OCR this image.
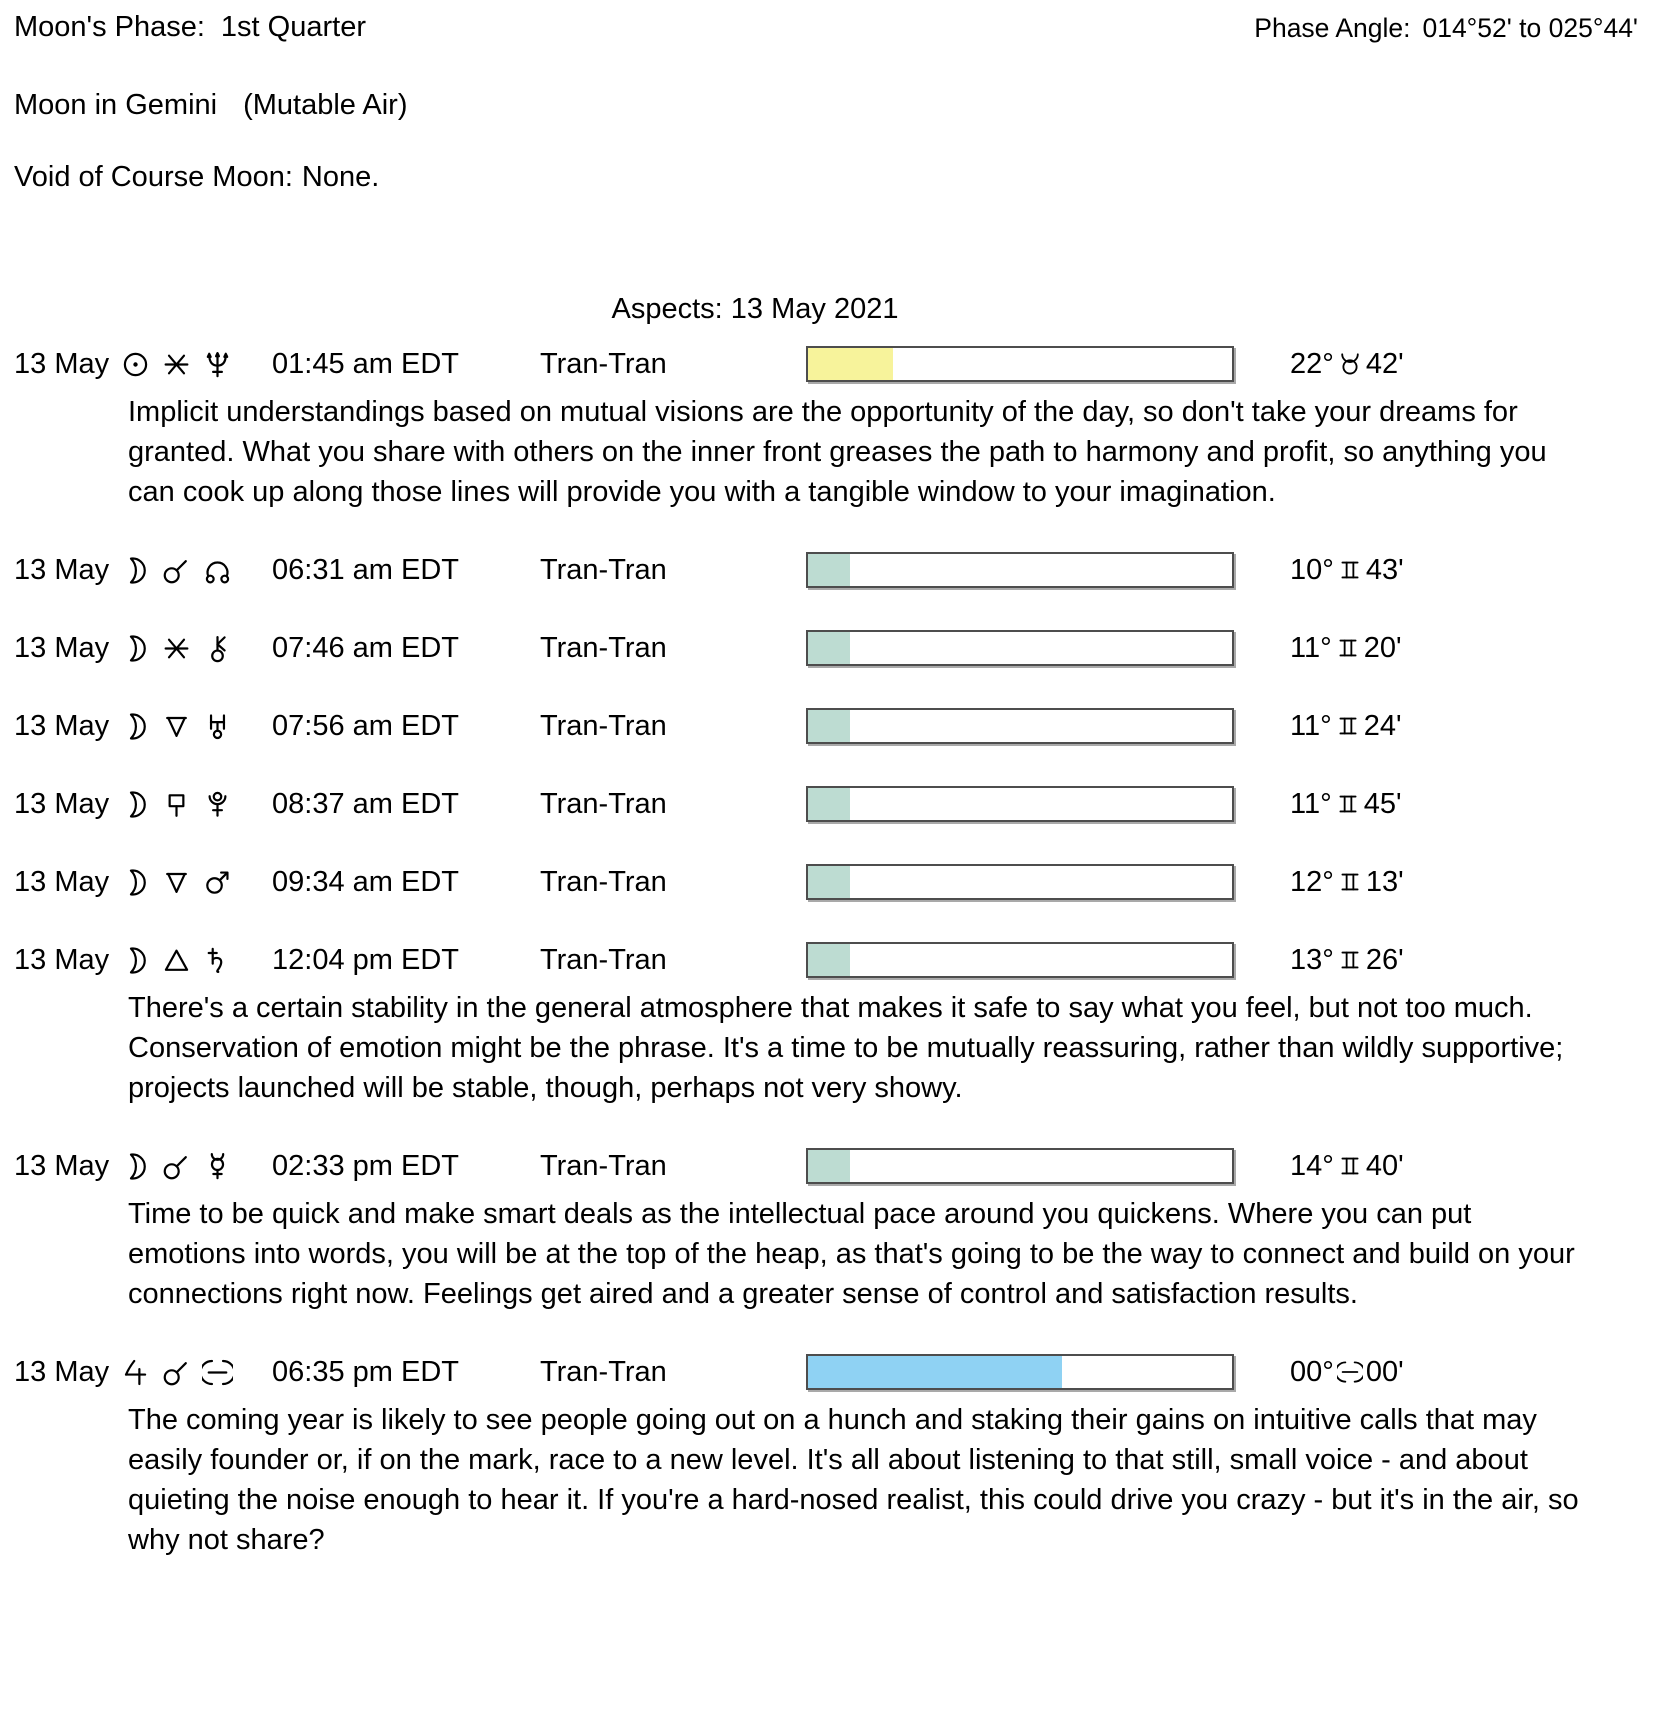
Moon's Phase: 1st Quarter	Phase Angle: 014°52' to 025°44'
Moon in Gemini (Mutable Air)
Void of Course Moon: None.
Aspects: 13 May 2021
13 May	01:45 am EDT	Tran-Tran	22° 42'

Implicit understandings based on mutual visions are the opportunity of the day, so don't take your dreams for granted. What you share with others on the inner front greases the path to harmony and profit, so anything you can cook up along those lines will provide you with a tangible window to your imagination.

13 May	06:31 am EDT	Tran-Tran	10° 43'
13 May	07:46 am EDT	Tran-Tran	11° 20'
13 May	07:56 am EDT	Tran-Tran	11° 24'
13 May	08:37 am EDT	Tran-Tran	11° 45'
13 May	09:34 am EDT	Tran-Tran	12° 13'
13 May	12:04 pm EDT	Tran-Tran	13° 26'

There's a certain stability in the general atmosphere that makes it safe to say what you feel, but not too much. Conservation of emotion might be the phrase. It's a time to be mutually reassuring, rather than wildly supportive; projects launched will be stable, though, perhaps not very showy.

13 May	02:33 pm EDT	Tran-Tran	14° 40'

Time to be quick and make smart deals as the intellectual pace around you quickens. Where you can put emotions into words, you will be at the top of the heap, as that's going to be the way to connect and build on your connections right now. Feelings get aired and a greater sense of control and satisfaction results.

13 May	06:35 pm EDT	Tran-Tran	00° 00'

The coming year is likely to see people going out on a hunch and staking their gains on intuitive calls that may easily founder or, if on the mark, race to a new level. It's all about listening to that still, small voice - and about quieting the noise enough to hear it. If you're a hard-nosed realist, this could drive you crazy - but it's in the air, so why not share?
